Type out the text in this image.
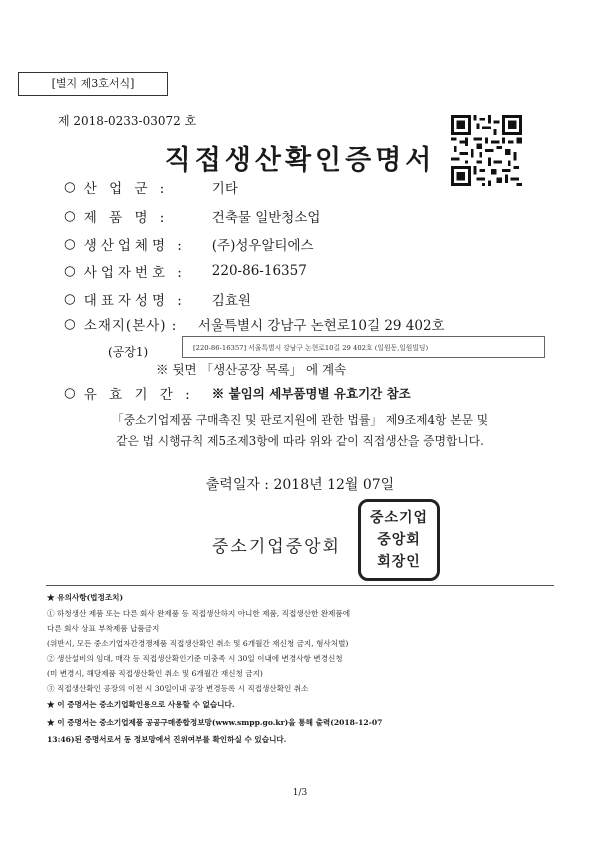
[별지 제3호서식]
제 2018-0233-03072 호
직접생산확인증명서
○ 산 업 군 :	기타
○ 제 품 명 :	건축물 일반청소업
○ 생산업체명 :	(주)성우알티에스
○ 사업자번호 :	220-86-16357
○ 대표자성명 :	김효원
○ 소재지(본사) :	서울특별시 강남구 논현로10길 29 402호
(공장1)	[220-86-16357] 서울특별시 강남구 논현로10길 29 402호 (일원동,일원빌딩)
※ 뒷면 「생산공장 목록」 에 계속
○ 유 효 기 간 : ※ 붙임의 세부품명별 유효기간 참조
「중소기업제품 구매촉진 및 판로지원에 관한 법률」 제9조제4항 본문 및
같은 법 시행규칙 제5조제3항에 따라 위와 같이 직접생산을 증명합니다.
출력일자 : 2018년 12월 07일
중소기업중앙회
중소기업
중앙회
회장인
★ 유의사항(법정조치)
① 하청생산 제품 또는 다른 회사 완제품 등 직접생산하지 아니한 제품, 직접생산한 완제품에
다른 회사 상표 부착제품 납품금지
(위반시, 모든 중소기업자간경쟁제품 직접생산확인 취소 및 6개월간 재신청 금지, 형사처벌)
② 생산설비의 임대, 매각 등 직접생산확인기준 미충족 시 30일 이내에 변경사항 변경신청
(미 변경시, 해당제품 직접생산확인 취소 및 6개월간 재신청 금지)
③ 직접생산확인 공장의 이전 시 30일이내 공장 변경등록 시 직접생산확인 취소
★ 이 증명서는 중소기업확인용으로 사용할 수 없습니다.
★ 이 증명서는 중소기업제품 공공구매종합정보망(www.smpp.go.kr)을 통해 출력(2018-12-07
13:46)된 증명서로서 동 정보망에서 진위여부를 확인하실 수 있습니다.
1/3
